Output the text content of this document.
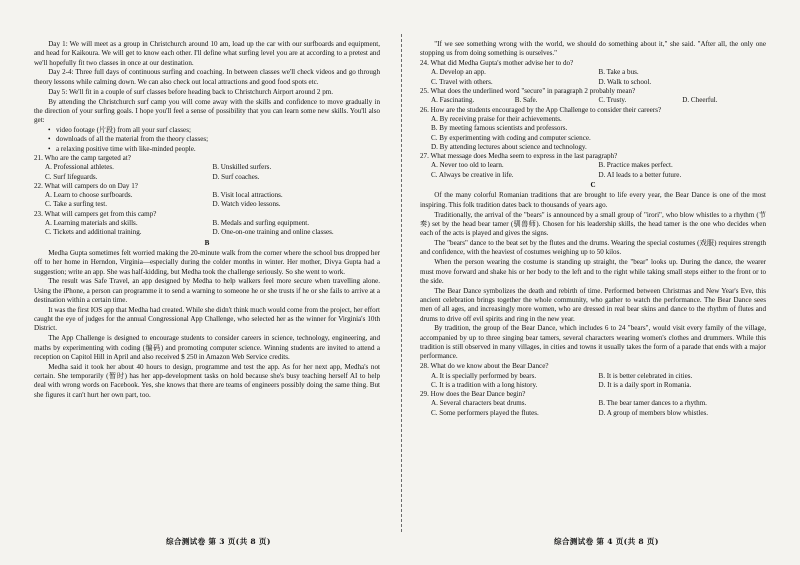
Day 1: We will meet as a group in Christchurch around 10 am, load up the car with our surfboards and equipment, and head for Kaikoura. We will get to know each other. I'll define what surfing level you are at according to a pretest and we'll hopefully fit two classes in once at our destination.

Day 2-4: Three full days of continuous surfing and coaching. In between classes we'll check videos and go through theory lessons while calming down. We can also check out local attractions and good food spots etc.

Day 5: We'll fit in a couple of surf classes before heading back to Christchurch Airport around 2 pm.

By attending the Christchurch surf camp you will come away with the skills and confidence to move gradually in the direction of your surfing goals. I hope you'll feel a sense of possibility that you can learn some new skills. You'll also get:

• video footage (片段) from all your surf classes;
• downloads of all the material from the theory classes;
• a relaxing positive time with like-minded people.

21. Who are the camp targeted at?

A. Professional athletes.	B. Unskilled surfers.
C. Surf lifeguards.	D. Surf coaches.

22. What will campers do on Day 1?

A. Learn to choose surfboards.	B. Visit local attractions.
C. Take a surfing test.	D. Watch video lessons.

23. What will campers get from this camp?

A. Learning materials and skills.	B. Medals and surfing equipment.
C. Tickets and additional training.	D. One-on-one training and online classes.
B

Medha Gupta sometimes felt worried making the 20-minute walk from the corner where the school bus dropped her off to her home in Herndon, Virginia—especially during the colder months in winter. Her mother, Divya Gupta had a suggestion; write an app. She was half-kidding, but Medha took the challenge seriously. So she went to work.

The result was Safe Travel, an app designed by Medha to help walkers feel more secure when travelling alone. Using the iPhone, a person can programme it to send a warning to someone he or she trusts if he or she fails to arrive at a destination within a certain time.

It was the first IOS app that Medha had created. While she didn't think much would come from the project, her effort caught the eye of judges for the annual Congressional App Challenge, who selected her as the winner for Virginia's 10th District.

The App Challenge is designed to encourage students to consider careers in science, technology, engineering, and maths by experimenting with coding (编码) and promoting computer science. Winning students are invited to attend a reception on Capitol Hill in April and also received $ 250 in Amazon Web Service credits.

Medha said it took her about 40 hours to design, programme and test the app. As for her next app, Medha's not certain. She temporarily (暂时) has her app-development tasks on hold because she's busy teaching herself AI to help deal with wrong words on Facebook. Yes, she knows that there are teams of engineers possibly doing the same thing. But she figures it can't hurt her own part, too.

"If we see something wrong with the world, we should do something about it," she said. "After all, the only one stopping us from doing something is ourselves."

24. What did Medha Gupta's mother advise her to do?

A. Develop an app.	B. Take a bus.
C. Travel with others.	D. Walk to school.

25. What does the underlined word "secure" in paragraph 2 probably mean?

A. Fascinating.	B. Safe.	C. Trusty.	D. Cheerful.

26. How are the students encouraged by the App Challenge to consider their careers?

A. By receiving praise for their achievements.
B. By meeting famous scientists and professors.
C. By experimenting with coding and computer science.
D. By attending lectures about science and technology.

27. What message does Medha seem to express in the last paragraph?

A. Never too old to learn.	B. Practice makes perfect.
C. Always be creative in life.	D. AI leads to a better future.
C

Of the many colorful Romanian traditions that are brought to life every year, the Bear Dance is one of the most inspiring. This folk tradition dates back to thousands of years ago.

Traditionally, the arrival of the "bears" is announced by a small group of "irori", who blow whistles to a rhythm (节奏) set by the head bear tamer (驯兽师). Chosen for his leadership skills, the head tamer is the one who decides when each of the acts is played and gives the signs.

The "bears" dance to the beat set by the flutes and the drums. Wearing the special costumes (戏服) requires strength and confidence, with the heaviest of costumes weighing up to 50 kilos.

When the person wearing the costume is standing up straight, the "bear" looks up. During the dance, the wearer must move forward and shake his or her body to the left and to the right while taking small steps either to the front or to the side.

The Bear Dance symbolizes the death and rebirth of time. Performed between Christmas and New Year's Eve, this ancient celebration brings together the whole community, who gather to watch the performance. The Bear Dance sees men of all ages, and increasingly more women, who are dressed in real bear skins and dance to the rhythm of flutes and drums to drive off evil spirits and ring in the new year.

By tradition, the group of the Bear Dance, which includes 6 to 24 "bears", would visit every family of the village, accompanied by up to three singing bear tamers, several characters wearing women's clothes and drummers. While this tradition is still observed in many villages, in cities and towns it usually takes the form of a parade that ends with a major performance.

28. What do we know about the Bear Dance?

A. It is specially performed by bears.	B. It is better celebrated in cities.
C. It is a tradition with a long history.	D. It is a daily sport in Romania.

29. How does the Bear Dance begin?

A. Several characters beat drums.	B. The bear tamer dances to a rhythm.
C. Some performers played the flutes.	D. A group of members blow whistles.
综合测试卷 第 3 页(共 8 页)	综合测试卷 第 4 页(共 8 页)
